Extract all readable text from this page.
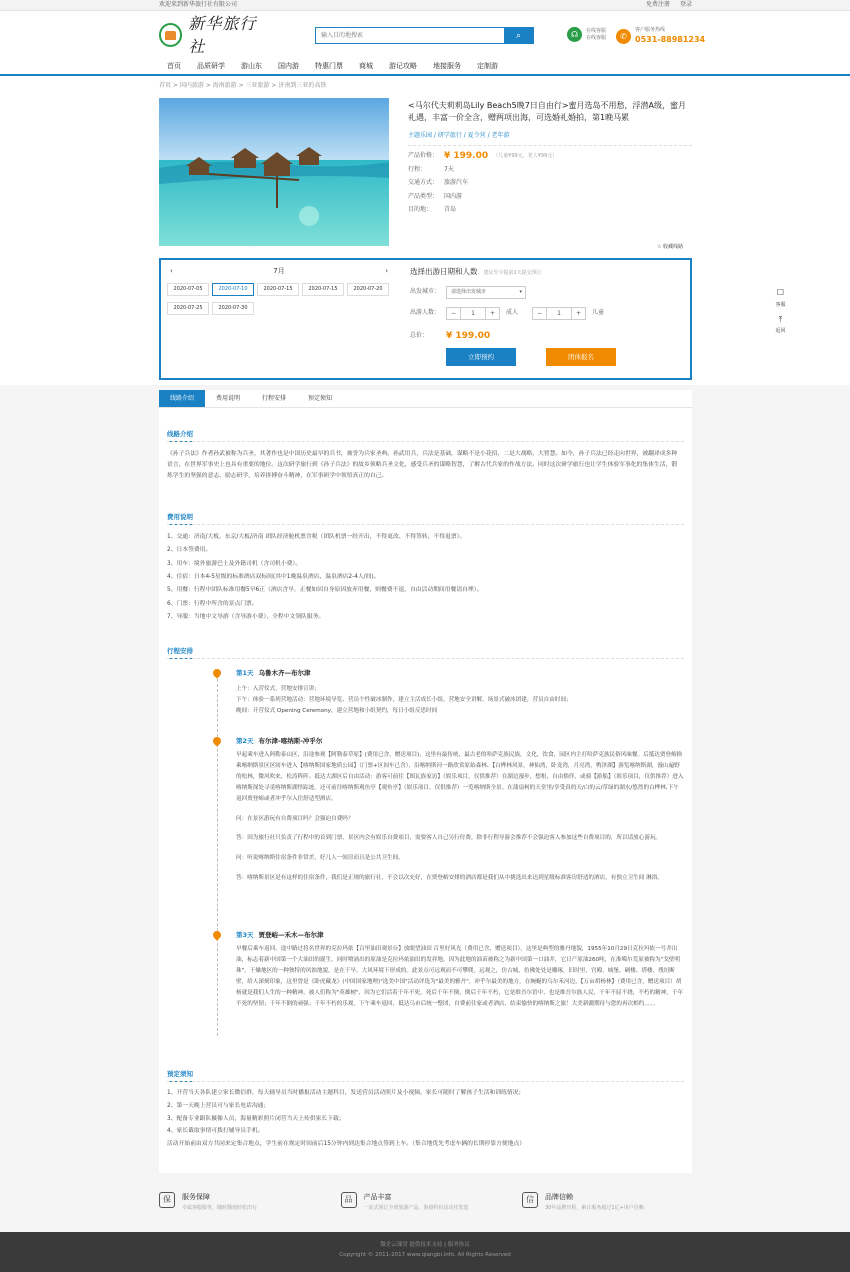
欢迎来到新华旅行社有限公司	免费注册 登录
新华旅行社
输入目的地搜索
⌕	☊	在线客服
在线客服	✆
客户服务热线
0531-88981234
首页	品质研学	游山东	国内游	特惠门票	商城	游记攻略	地接服务	定制游
首页 > 国内旅游 > 海南旅游 > 三亚旅游 > 济南到三亚的高铁
<马尔代夫莉莉岛Lily Beach5晚7日自由行>蜜月选岛不用愁，浮潜A级，蜜月礼遇，丰富一价全含，赠两项出海，可选婚礼婚拍，第1晚马累
主题乐园 / 研学旅行 / 夏令营 / 老年游
产品价格： ¥ 199.00 （儿童¥99元，老人¥99元）
行程：	7天
交通方式： 旅游汽车
产品类型： 国内游
目的地：	青岛
☆ 收藏线路
‹	7月	›
2020-07-05	2020-07-10	2020-07-15	2020-07-15	2020-07-20
2020-07-25	2020-07-30
选择出游日期和人数 建议至少提前1天提交预订
出发城市：	请选择出发城市	▾
出游人数：	−	1	+	成人	−	1	+	儿童
总价：	¥ 199.00
立即预约	团体报名
☐
客服
⤒
返回
线路介绍	费用说明	行程安排	预定须知
线路介绍
《孙子兵法》作者孙武被称为兵圣，其著作也是中国历史最早的兵书，被誉为兵家圣典。孙武用兵，兵法是基础，谋略不是小花招，二是大战略，大智慧。如今，孙子兵法已经走向世界，被翻译成多种语言，在世界军事史上也具有重要的地位。这次研学旅行到《孙子兵法》的故乡领略兵圣文化，感受兵圣的谋略智慧，了解古代兵家的作战方法。同时这次研学旅行也让学生体验军事化的集体生活，锻炼学生的坚强的意志、励志研学，培养拼搏奋斗精神，在军事研学中领悟真正的自己。
费用说明
1、交通：济南/大板，东京/大板/济南 团队经济舱机票含税（团队机票一经开出，不得更改、不得签转、不得退票）。
2、日本签费用。
3、用车：境外旅游巴士及外籍司机（含司机小费）。
4、住宿：日本4-5星级的标准酒店双标间(其中1晚温泉酒店、温泉酒店2-4人/间)。
5、用餐：行程中团队标准用餐5早6正（酒店含早，正餐如因自身原因放弃用餐，则餐费不退，自由活动期间用餐请自理）。
6、门票：行程中所含的景点门票。
7、导服：当地中文导游（含导游小费），全程中文领队服务。
行程安排
第1天 乌鲁木齐—布尔津
上午：入营仪式，营地安排宣讲；
下午：体验一系列营地活动：营地环境导览、营员个性破冰制作，建立主活成长小组，营地安全讲解，场景式破冰团建，营员自由时间；
晚间：开营仪式 Opening Ceremony，建立营地和小组契约，每日小组反思时间
第2天 布尔津-喀纳斯-冲乎尔

早起乘车进入阿勒泰山区，沿途参观【阿勒泰草原】(费用已含，赠送项目)，这里有最传统、最古老的哈萨克族民族，文化，饮食，园区内主打哈萨克族民俗风味餐。后抵达贾登峪换乘喀纳斯景区区间车进入【喀纳斯国家地质公园】（门票+区间车已含），沿喀纳斯河一路欣赏原始森林、【白桦林风景，神仙湾，卧龙湾，月亮湾，鸭泽湖】游览喀纳斯湖，漫山遍野的松林，微风吹来，松涛阵阵。抵达大湖区后自由活动：游客可前往【图瓦族家访】（娱乐项目，仅供推荐）在湖边漫步，想租，自由徜徉，或骑【游船】（娱乐项目，仅供推荐）进入喀纳斯深处寻觅喀纳斯湖怪踪迹。还可前往喀纳斯观鱼亭【观鱼亭】（娱乐项目，仅供推荐）一览喀纳斯全景。在蒲扇柯的天堂里/享受真的天/白的云/草绿的湖水/悠然的白桦林,下午返回贾登峪或者冲乎尔入住舒适型酒店。

问：在景区游玩有自费项目吗？会强迫自费吗？

答：因为旅行社只负责了行程中的首到门票，景区内会有娱乐自费项目，需要客人自己另行付费，除非行程导游会推荐不会强迫客人参加这些自费项目的，所以请放心游玩。

问：听说喀纳斯住宿条件非常差，好几人一间房而且是公共卫生间。

答：喀纳斯景区是有这样的住宿条件，我们是正规的旅行社，不会以次充好，在贾登峪安排的酒店都是我们从中挑选出来达到星级标准客房舒适的酒店，有独立卫生间 淋浴。

第3天 贾登峪—禾木—布尔津

早餐后乘车返回，途中路过将名世界的克拉玛依【百里油田观景台】放眼望油田 百里好风光（费用已含，赠送项目），这里是典型的雅丹地貌，1955年10月29日克拉玛依一号井出油，标志着新中国第一个大油田的诞生，同时喷涌出的原油是克拉玛依油田的发祥地，因为此地的油苗被称之为新中国第一口油井，它日产原油260吨，在准噶尔荒原被称为"戈壁明珠"，干燥地区的一种独特的风蚀地貌，是在干旱、大风环境下形成的。此景点可远观而不可攀爬。远观之，仿古城，仿佛处处是雕琢，旧时里，宫殿、城堡、碉楼、塔楼、残垣断壁，给人深刻印象，这里曾是《卧虎藏龙》(中国国家地理)"选美中国"活动评选为"最美的雅丹"，冲乎尔最美的地方，在蜿蜒的乌尔禾河边，【万亩胡杨林】（费用已含，赠送项目）胡杨就是我们人生的一种精神，被人们称为"英雄树"，因为它们活着千年不死，死后千年不倒，倒后千年不朽，它是维吾尔语中，也是维吾尔族人民，千年不屈不挠，不朽的精神，千年不死的坚韧；千年不倒的顽强；千年不朽的乐观。下午乘车返回，抵达乌市后统一整团，自费前往家或者酒店，结束愉快的喀纳斯之旅！大美新疆期待与您的再次相约。。。。

预定须知
1、开营当天各队建立家长微信群，每天辅导员当时播报活动主题科目，发送营员活动照片及小视频，家长可随时了解孩子生活和训练情况；
2、第一天晚上营员可与家长电话沟通；
3、配备专业跟队摄像人员，海量精彩照片闭营当天上传供家长下载；
4、家长截取事情可拨打辅导员手机。
活动开始前由双方共同来定集合地点，学生前在规定时间前后15分钟内到达集合地点签到上车。（集合地优先考虑车辆的长期停靠方便地点）
保	服务保障
专属客服服务，随时随地轻松出行
品	产品丰富
一站式预订全球旅游产品，海量特价活动任您选
信	品牌信赖
30年品牌历程，累计服务超过1亿+用户信赖
微企云课堂 提供技术支持 | 服务协议
Copyright © 2011-2017 www.qiangbi.info. All Rights Reserved
